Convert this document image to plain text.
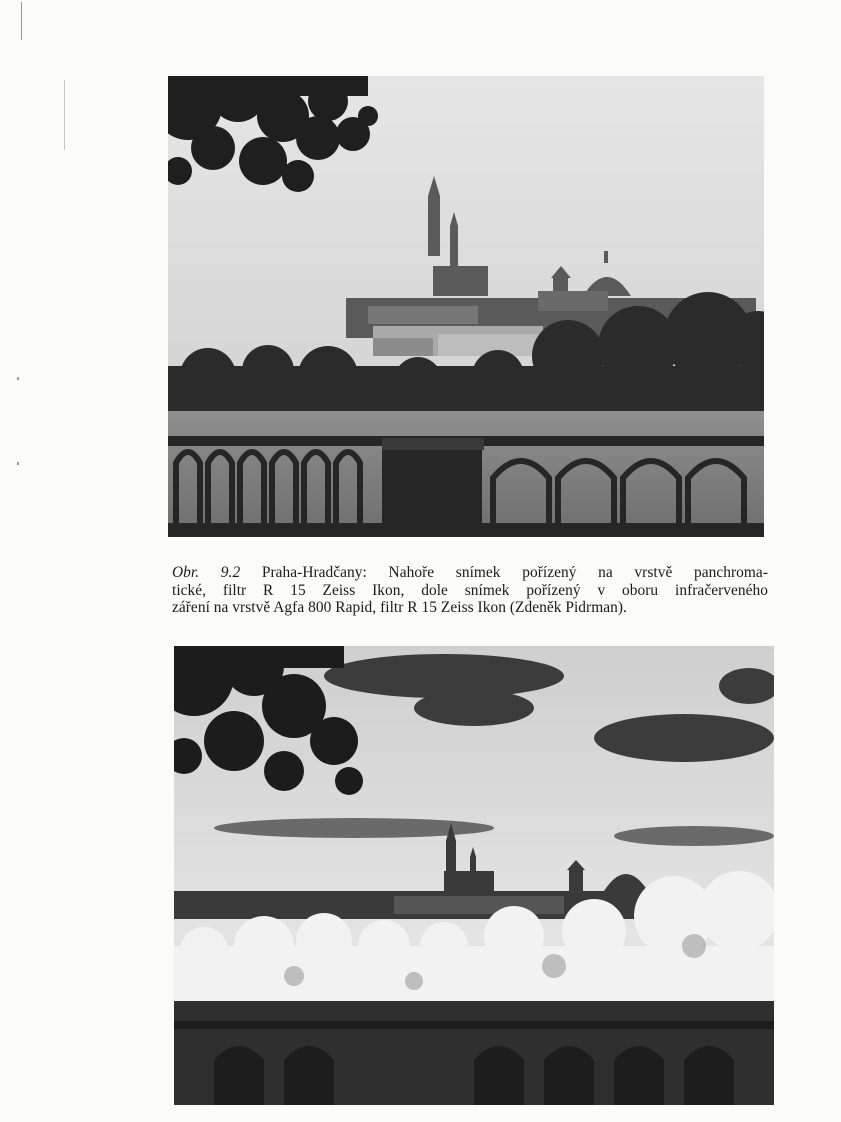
Obr. 9.2 Praha-Hradčany: Nahoře snímek pořízený na vrstvě panchroma-
tické, filtr R 15 Zeiss Ikon, dole snímek pořízený v oboru infračerveného
záření na vrstvě Agfa 800 Rapid, filtr R 15 Zeiss Ikon (Zdeněk Pidrman).
